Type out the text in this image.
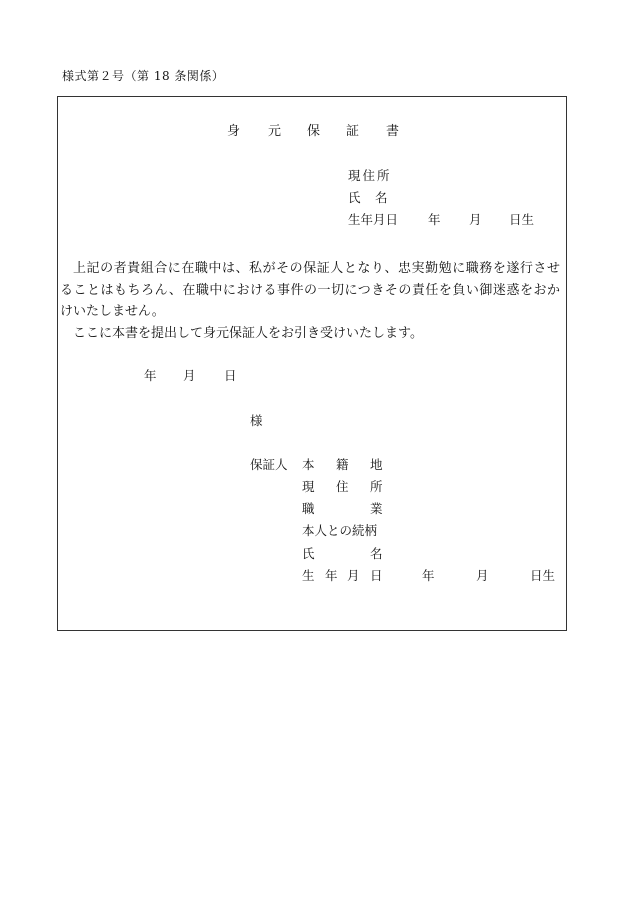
様式第２号（第 18 条関係）
身 元 保 証 書
現住所
氏　名
生年月日 年 月 日生

上記の者貴組合に在職中は、私がその保証人となり、忠実勤勉に職務を遂行させ

ることはもちろん、在職中における事件の一切につきその責任を負い御迷惑をおか

けいたしません。

ここに本書を提出して身元保証人をお引き受けいたします。

年 月 日
様
保証人 本 籍 地
現 住 所
職	業
本人との続柄
氏	名
生 年 月 日	年	月	日生
